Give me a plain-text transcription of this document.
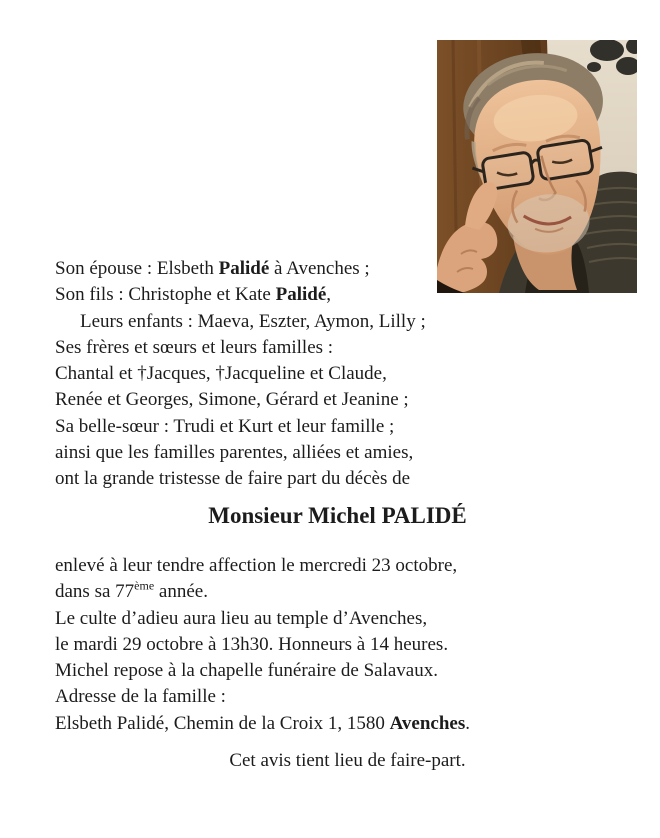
Son épouse : Elsbeth Palidé à Avenches ;
Son fils : Christophe et Kate Palidé,
Leurs enfants : Maeva, Eszter, Aymon, Lilly ;
Ses frères et sœurs et leurs familles :
Chantal et †Jacques, †Jacqueline et Claude,
Renée et Georges, Simone, Gérard et Jeanine ;
Sa belle-sœur : Trudi et Kurt et leur famille ;
ainsi que les familles parentes, alliées et amies,
ont la grande tristesse de faire part du décès de
Monsieur Michel PALIDÉ
enlevé à leur tendre affection le mercredi 23 octobre,
dans sa 77ème année.
Le culte d’adieu aura lieu au temple d’Avenches,
le mardi 29 octobre à 13h30. Honneurs à 14 heures.
Michel repose à la chapelle funéraire de Salavaux.
Adresse de la famille :
Elsbeth Palidé, Chemin de la Croix 1, 1580 Avenches.
Cet avis tient lieu de faire-part.
